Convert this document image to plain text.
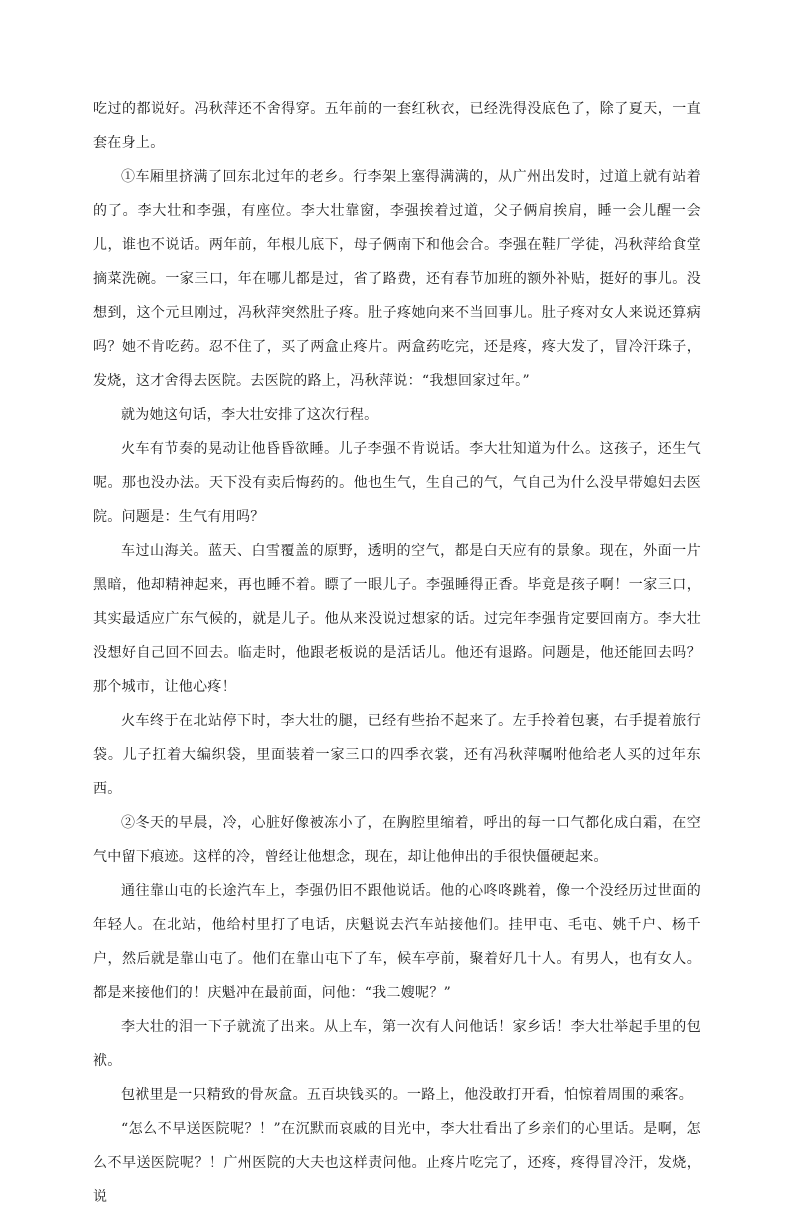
吃过的都说好。冯秋萍还不舍得穿。五年前的一套红秋衣，已经洗得没底色了，除了夏天，一直套在身上。

①车厢里挤满了回东北过年的老乡。行李架上塞得满满的，从广州出发时，过道上就有站着的了。李大壮和李强，有座位。李大壮靠窗，李强挨着过道，父子俩肩挨肩，睡一会儿醒一会儿，谁也不说话。两年前，年根儿底下，母子俩南下和他会合。李强在鞋厂学徒，冯秋萍给食堂摘菜洗碗。一家三口，年在哪儿都是过，省了路费，还有春节加班的额外补贴，挺好的事儿。没想到，这个元旦刚过，冯秋萍突然肚子疼。肚子疼她向来不当回事儿。肚子疼对女人来说还算病吗？她不肯吃药。忍不住了，买了两盒止疼片。两盒药吃完，还是疼，疼大发了，冒冷汗珠子，发烧，这才舍得去医院。去医院的路上，冯秋萍说：“我想回家过年。”

就为她这句话，李大壮安排了这次行程。

火车有节奏的晃动让他昏昏欲睡。儿子李强不肯说话。李大壮知道为什么。这孩子，还生气呢。那也没办法。天下没有卖后悔药的。他也生气，生自己的气，气自己为什么没早带媳妇去医院。问题是：生气有用吗？

车过山海关。蓝天、白雪覆盖的原野，透明的空气，都是白天应有的景象。现在，外面一片黑暗，他却精神起来，再也睡不着。瞟了一眼儿子。李强睡得正香。毕竟是孩子啊！一家三口，其实最适应广东气候的，就是儿子。他从来没说过想家的话。过完年李强肯定要回南方。李大壮没想好自己回不回去。临走时，他跟老板说的是活话儿。他还有退路。问题是，他还能回去吗？那个城市，让他心疼！

火车终于在北站停下时，李大壮的腿，已经有些抬不起来了。左手拎着包裹，右手提着旅行袋。儿子扛着大编织袋，里面装着一家三口的四季衣裳，还有冯秋萍嘱咐他给老人买的过年东西。

②冬天的早晨，冷，心脏好像被冻小了，在胸腔里缩着，呼出的每一口气都化成白霜，在空气中留下痕迹。这样的冷，曾经让他想念，现在，却让他伸出的手很快僵硬起来。

通往靠山屯的长途汽车上，李强仍旧不跟他说话。他的心咚咚跳着，像一个没经历过世面的年轻人。在北站，他给村里打了电话，庆魁说去汽车站接他们。挂甲屯、毛屯、姚千户、杨千户，然后就是靠山屯了。他们在靠山屯下了车，候车亭前，聚着好几十人。有男人，也有女人。都是来接他们的！庆魁冲在最前面，问他：“我二嫂呢？”

李大壮的泪一下子就流了出来。从上车，第一次有人问他话！家乡话！李大壮举起手里的包袱。

包袱里是一只精致的骨灰盒。五百块钱买的。一路上，他没敢打开看，怕惊着周围的乘客。

“怎么不早送医院呢？！”在沉默而哀戚的目光中，李大壮看出了乡亲们的心里话。是啊，怎么不早送医院呢？！广州医院的大夫也这样责问他。止疼片吃完了，还疼，疼得冒冷汗，发烧，说
